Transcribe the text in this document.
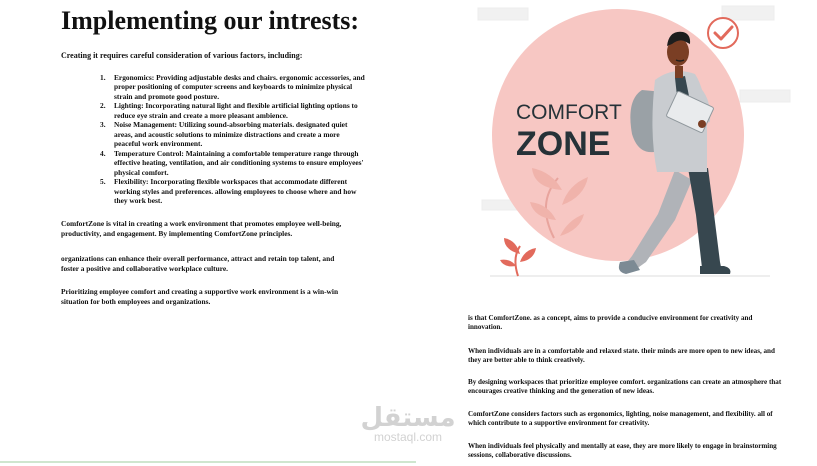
Implementing our intrests:

Creating it requires careful consideration of various factors, including:

1. Ergonomics: Providing adjustable desks and chairs. ergonomic accessories, and proper positioning of computer screens and keyboards to minimize physical strain and promote good posture.
2. Lighting: Incorporating natural light and flexible artificial lighting options to reduce eye strain and create a more pleasant ambience.
3. Noise Management: Utilizing sound-absorbing materials. designated quiet areas, and acoustic solutions to minimize distractions and create a more peaceful work environment.
4. Temperature Control: Maintaining a comfortable temperature range through effective heating, ventilation, and air conditioning systems to ensure employees' physical comfort.
5. Flexibility: Incorporating flexible workspaces that accommodate different working styles and preferences. allowing employees to choose where and how they work best.

ComfortZone is vital in creating a work environment that promotes employee well-being, productivity, and engagement. By implementing ComfortZone principles.

organizations can enhance their overall performance, attract and retain top talent, and foster a positive and collaborative workplace culture.

Prioritizing employee comfort and creating a supportive work environment is a win-win situation for both employees and organizations.

COMFORT
ZONE

is that ComfortZone. as a concept, aims to provide a conducive environment for creativity and innovation.

When individuals are in a comfortable and relaxed state. their minds are more open to new ideas, and they are better able to think creatively.

By designing workspaces that prioritize employee comfort. organizations can create an atmosphere that encourages creative thinking and the generation of new ideas.

ComfortZone considers factors such as ergonomics, lighting, noise management, and flexibility. all of which contribute to a supportive environment for creativity.

When individuals feel physically and mentally at ease, they are more likely to engage in brainstorming sessions, collaborative discussions.

مستقل
mostaql.com
